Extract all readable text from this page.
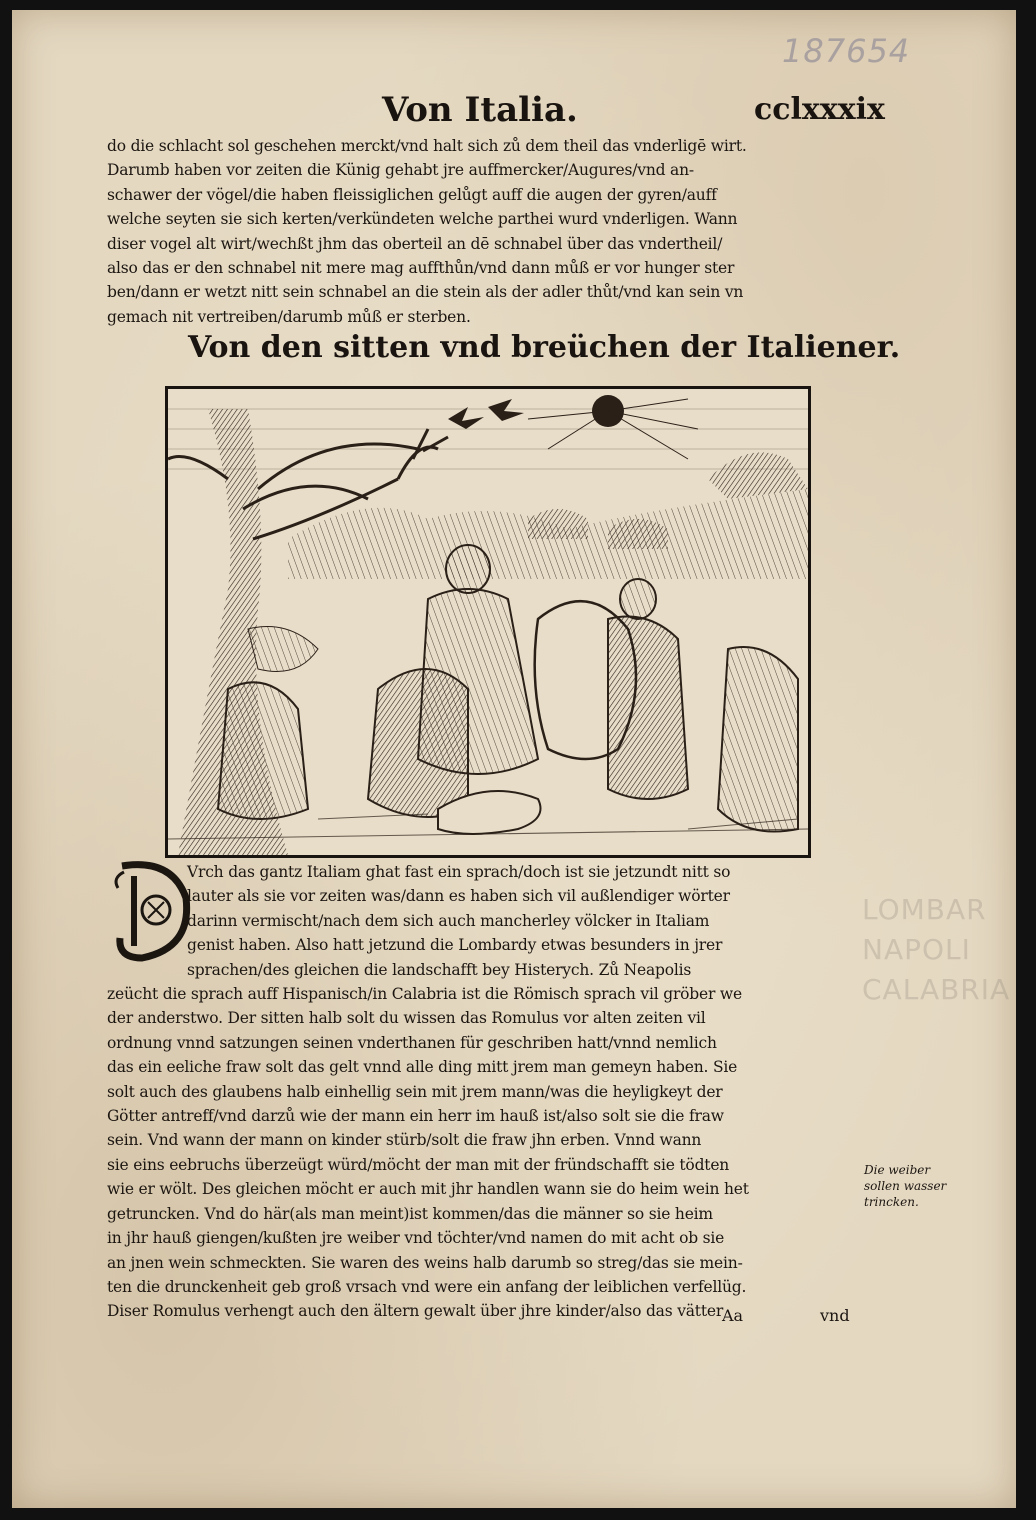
187654
Von Italia.	cclxxxix
do die schlacht sol geschehen merckt/vnd halt sich zů dem theil das vnderligē wirt.
Darumb haben vor zeiten die Künig gehabt jre auffmercker/Augures/vnd an-
schawer der vögel/die haben fleissiglichen gelůgt auff die augen der gyren/auff
welche seyten sie sich kerten/verkündeten welche parthei wurd vnderligen. Wann
diser vogel alt wirt/wechßt jhm das oberteil an dē schnabel über das vndertheil/
also das er den schnabel nit mere mag auffthůn/vnd dann můß er vor hunger ster
ben/dann er wetzt nitt sein schnabel an die stein als der adler thůt/vnd kan sein vn
gemach nit vertreiben/darumb můß er sterben.
Von den sitten vnd breüchen der Italiener.
Vrch das gantz Italiam ghat fast ein sprach/doch ist sie jetzundt nitt so
lauter als sie vor zeiten was/dann es haben sich vil außlendiger wörter
darinn vermischt/nach dem sich auch mancherley völcker in Italiam
genist haben. Also hatt jetzund die Lombardy etwas besunders in jrer
sprachen/des gleichen die landschafft bey Histerych. Zů Neapolis
zeücht die sprach auff Hispanisch/in Calabria ist die Römisch sprach vil gröber we
der anderstwo. Der sitten halb solt du wissen das Romulus vor alten zeiten vil
ordnung vnnd satzungen seinen vnderthanen für geschriben hatt/vnnd nemlich
das ein eeliche fraw solt das gelt vnnd alle ding mitt jrem man gemeyn haben. Sie
solt auch des glaubens halb einhellig sein mit jrem mann/was die heyligkeyt der
Götter antreff/vnd darzů wie der mann ein herr im hauß ist/also solt sie die fraw
sein. Vnd wann der mann on kinder stürb/solt die fraw jhn erben. Vnnd wann
sie eins eebruchs überzeügt würd/möcht der man mit der fründschafft sie tödten
wie er wölt. Des gleichen möcht er auch mit jhr handlen wann sie do heim wein het
getruncken. Vnd do här(als man meint)ist kommen/das die männer so sie heim
in jhr hauß giengen/kußten jre weiber vnd töchter/vnd namen do mit acht ob sie
an jnen wein schmeckten. Sie waren des weins halb darumb so streg/das sie mein-
ten die drunckenheit geb groß vrsach vnd were ein anfang der leiblichen verfellüg.
Diser Romulus verhengt auch den ältern gewalt über jhre kinder/also das vätter
Die weiber sollen wasser trincken.
LOMBAR
NAPOLI
CALABRIA
Aa	vnd
